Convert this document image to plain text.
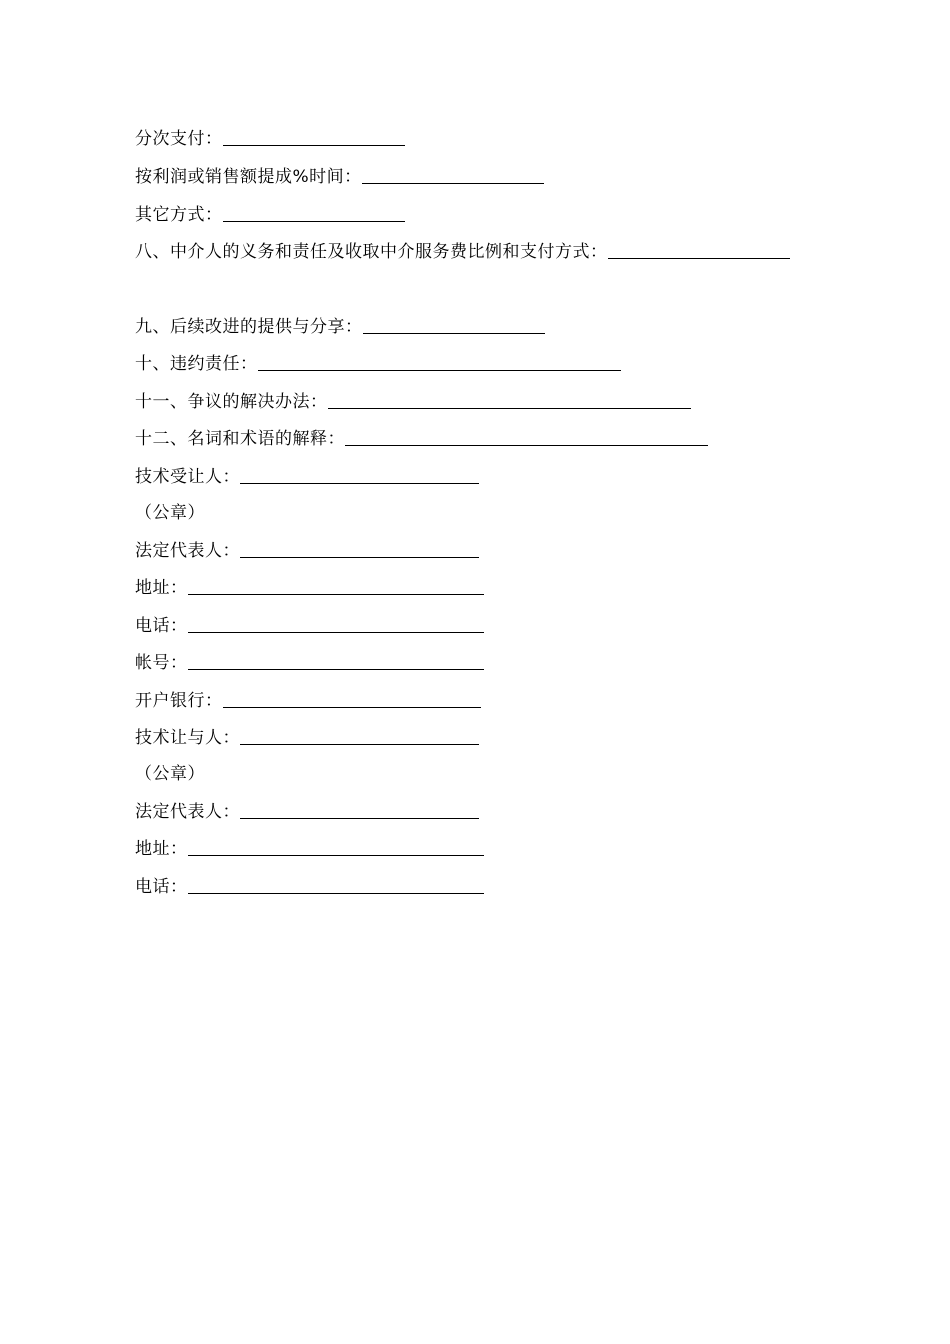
分次支付：
按利润或销售额提成%时间：
其它方式：
八、中介人的义务和责任及收取中介服务费比例和支付方式：
九、后续改进的提供与分享：
十、违约责任：
十一、争议的解决办法：
十二、名词和术语的解释：
技术受让人：
（公章）
法定代表人：
地址：
电话：
帐号：
开户银行：
技术让与人：
（公章）
法定代表人：
地址：
电话：
